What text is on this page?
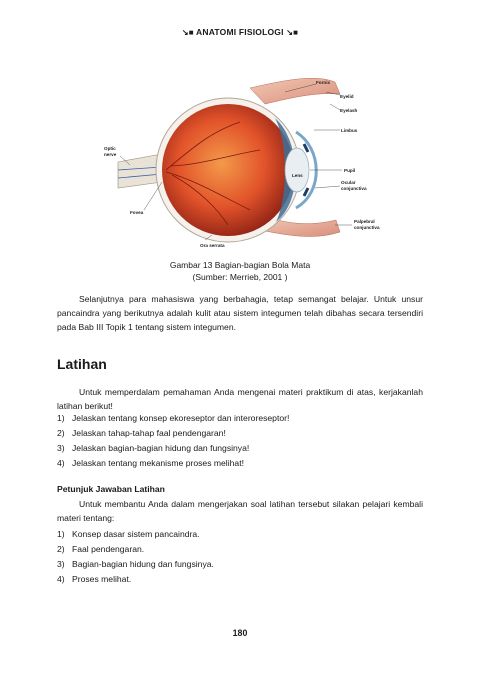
↘■ ANATOMI FISIOLOGI ↘■
Fornix
Eyelid
Eyelash
Limbus
Optic
nerve
Lens
Pupil
Ocular
conjunctiva
Fovea
Palpebral
conjunctiva
Ora serrata
Gambar 13 Bagian-bagian Bola Mata
(Sumber: Merrieb, 2001 )
Selanjutnya para mahasiswa yang berbahagia, tetap semangat belajar. Untuk unsur pancaindra yang berikutnya adalah kulit atau sistem integumen telah dibahas secara tersendiri pada Bab III Topik 1 tentang sistem integumen.
Latihan
Untuk memperdalam pemahaman Anda mengenai materi praktikum di atas, kerjakanlah latihan berikut!
1) Jelaskan tentang konsep ekoreseptor dan interoreseptor!
2) Jelaskan tahap-tahap faal pendengaran!
3) Jelaskan bagian-bagian hidung dan fungsinya!
4) Jelaskan tentang mekanisme proses melihat!
Petunjuk Jawaban Latihan
Untuk membantu Anda dalam mengerjakan soal latihan tersebut silakan pelajari kembali materi tentang:
1) Konsep dasar sistem pancaindra.
2) Faal pendengaran.
3) Bagian-bagian hidung dan fungsinya.
4) Proses melihat.
180
